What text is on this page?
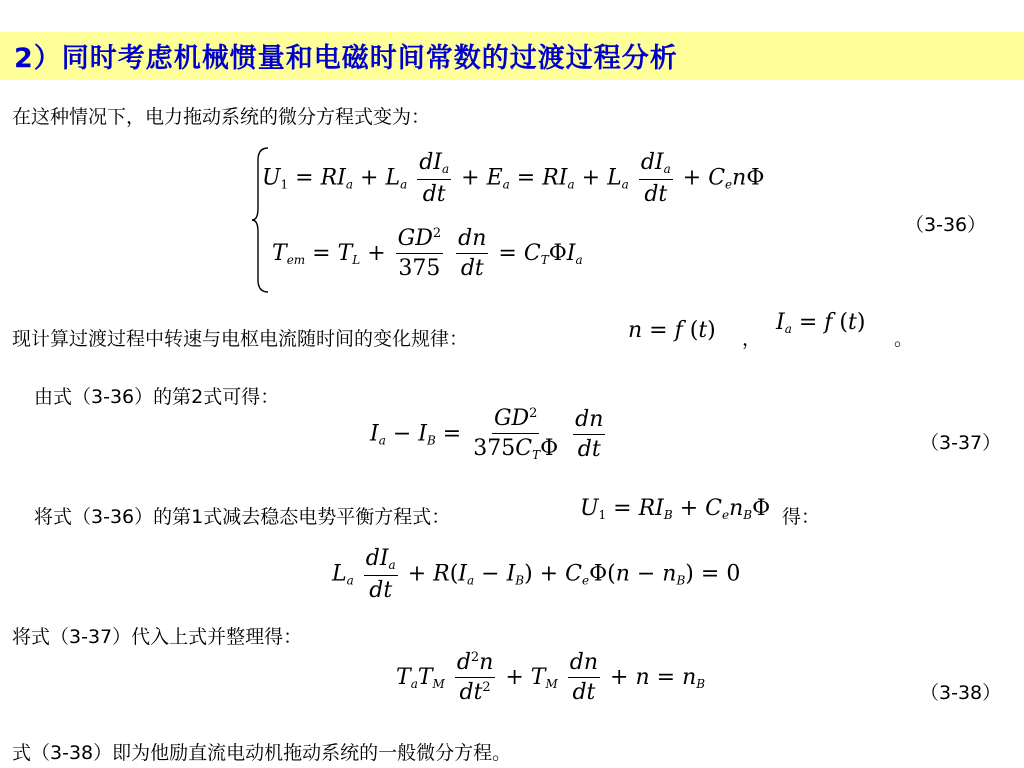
2）同时考虑机械惯量和电磁时间常数的过渡过程分析
在这种情况下，电力拖动系统的微分方程式变为：
$U_1 = RI_a + L_a \frac{dI_a}{dt} + E_a = RI_a + L_a \frac{dI_a}{dt} + C_en\Phi$
$T_{em} = T_L + \frac{GD^2}{375}$
$\frac{dn}{dt} = C_T\Phi I_a$
（3-36）
现计算过渡过程中转速与电枢电流随时间的变化规律：	n = f (t) ，
$I_a = f$ (t)
。
由式（3-36）的第2式可得：
$I_a - I_B = \frac{GD^2}{375C_T\Phi}$
$\frac{dn}{dt}$	（3-37）
将式（3-36）的第1式减去稳态电势平衡方程式：	$U_1 = RI_B + C_en_B\Phi$ 得：
$L_a \frac{dI_a}{dt} + R(I_a - I_B) + C_e\Phi(n - n_B) = 0$
将式（3-37）代入上式并整理得：
$T_aT_M \frac{d^2n}{dt^2} + T_M \frac{dn}{dt} + n = n_B$	（3-38）
式（3-38）即为他励直流电动机拖动系统的一般微分方程。
